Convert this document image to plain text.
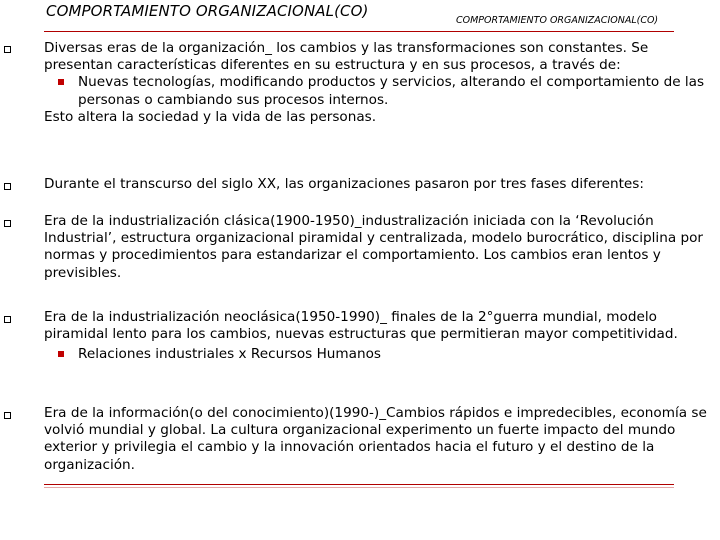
COMPORTAMIENTO ORGANIZACIONAL(CO)
COMPORTAMIENTO ORGANIZACIONAL(CO)
Diversas eras de la organización_ los cambios y las transformaciones son constantes. Se presentan características diferentes en su estructura y en sus procesos, a través de:
Nuevas tecnologías, modificando productos y servicios, alterando el comportamiento de las personas o cambiando sus procesos internos.
Esto altera la sociedad y la vida de las personas.
Durante el transcurso del siglo XX, las organizaciones pasaron por tres fases diferentes:
Era de la industrialización clásica(1900-1950)_industralización iniciada con la ‘Revolución Industrial’, estructura organizacional piramidal y centralizada, modelo burocrático, disciplina por normas y procedimientos para estandarizar el comportamiento. Los cambios eran lentos y previsibles.
Era de la industrialización neoclásica(1950-1990)_ finales de la 2°guerra mundial, modelo piramidal lento para los cambios, nuevas estructuras que permitieran mayor competitividad.
Relaciones industriales x Recursos Humanos
Era de la información(o del conocimiento)(1990-)_Cambios rápidos e impredecibles, economía se volvió mundial y global. La cultura organizacional experimento un fuerte impacto del mundo exterior y privilegia el cambio y la innovación orientados hacia el futuro y el destino de la organización.
